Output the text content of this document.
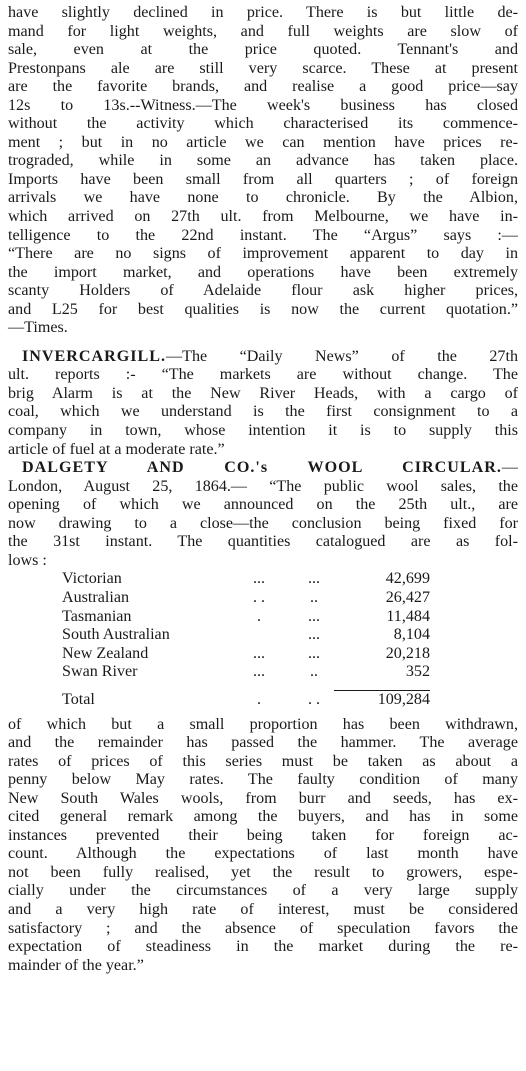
have slightly declined in price. There is but little de-
mand for light weights, and full weights are slow of
sale, even at the price quoted. Tennant's and
Prestonpans ale are still very scarce. These at present
are the favorite brands, and realise a good price—say
12s to 13s.--Witness.—The week's business has closed
without the activity which characterised its commence-
ment ; but in no article we can mention have prices re-
trograded, while in some an advance has taken place.
Imports have been small from all quarters ; of foreign
arrivals we have none to chronicle. By the Albion,
which arrived on 27th ult. from Melbourne, we have in-
telligence to the 22nd instant. The “Argus” says :—
“There are no signs of improvement apparent to day in
the import market, and operations have been extremely
scanty Holders of Adelaide flour ask higher prices,
and L25 for best qualities is now the current quotation.”
—Times.
INVERCARGILL.—The “Daily News” of the 27th
ult. reports :- “The markets are without change. The
brig Alarm is at the New River Heads, with a cargo of
coal, which we understand is the first consignment to a
company in town, whose intention it is to supply this
article of fuel at a moderate rate.”
DALGETY AND CO.'s WOOL CIRCULAR.—
London, August 25, 1864.— “The public wool sales, the
opening of which we announced on the 25th ult., are
now drawing to a close—the conclusion being fixed for
the 31st instant. The quantities catalogued are as fol-
lows :
Victorian	...	...	42,699
Australian	. .	..	26,427
Tasmanian	.	...	11,484
South Australian		...	8,104
New Zealand	...	...	20,218
Swan River	...	..	352

Total	.	. .	109,284
of which but a small proportion has been withdrawn,
and the remainder has passed the hammer. The average
rates of prices of this series must be taken as about a
penny below May rates. The faulty condition of many
New South Wales wools, from burr and seeds, has ex-
cited general remark among the buyers, and has in some
instances prevented their being taken for foreign ac-
count. Although the expectations of last month have
not been fully realised, yet the result to growers, espe-
cially under the circumstances of a very large supply
and a very high rate of interest, must be considered
satisfactory ; and the absence of speculation favors the
expectation of steadiness in the market during the re-
mainder of the year.”
